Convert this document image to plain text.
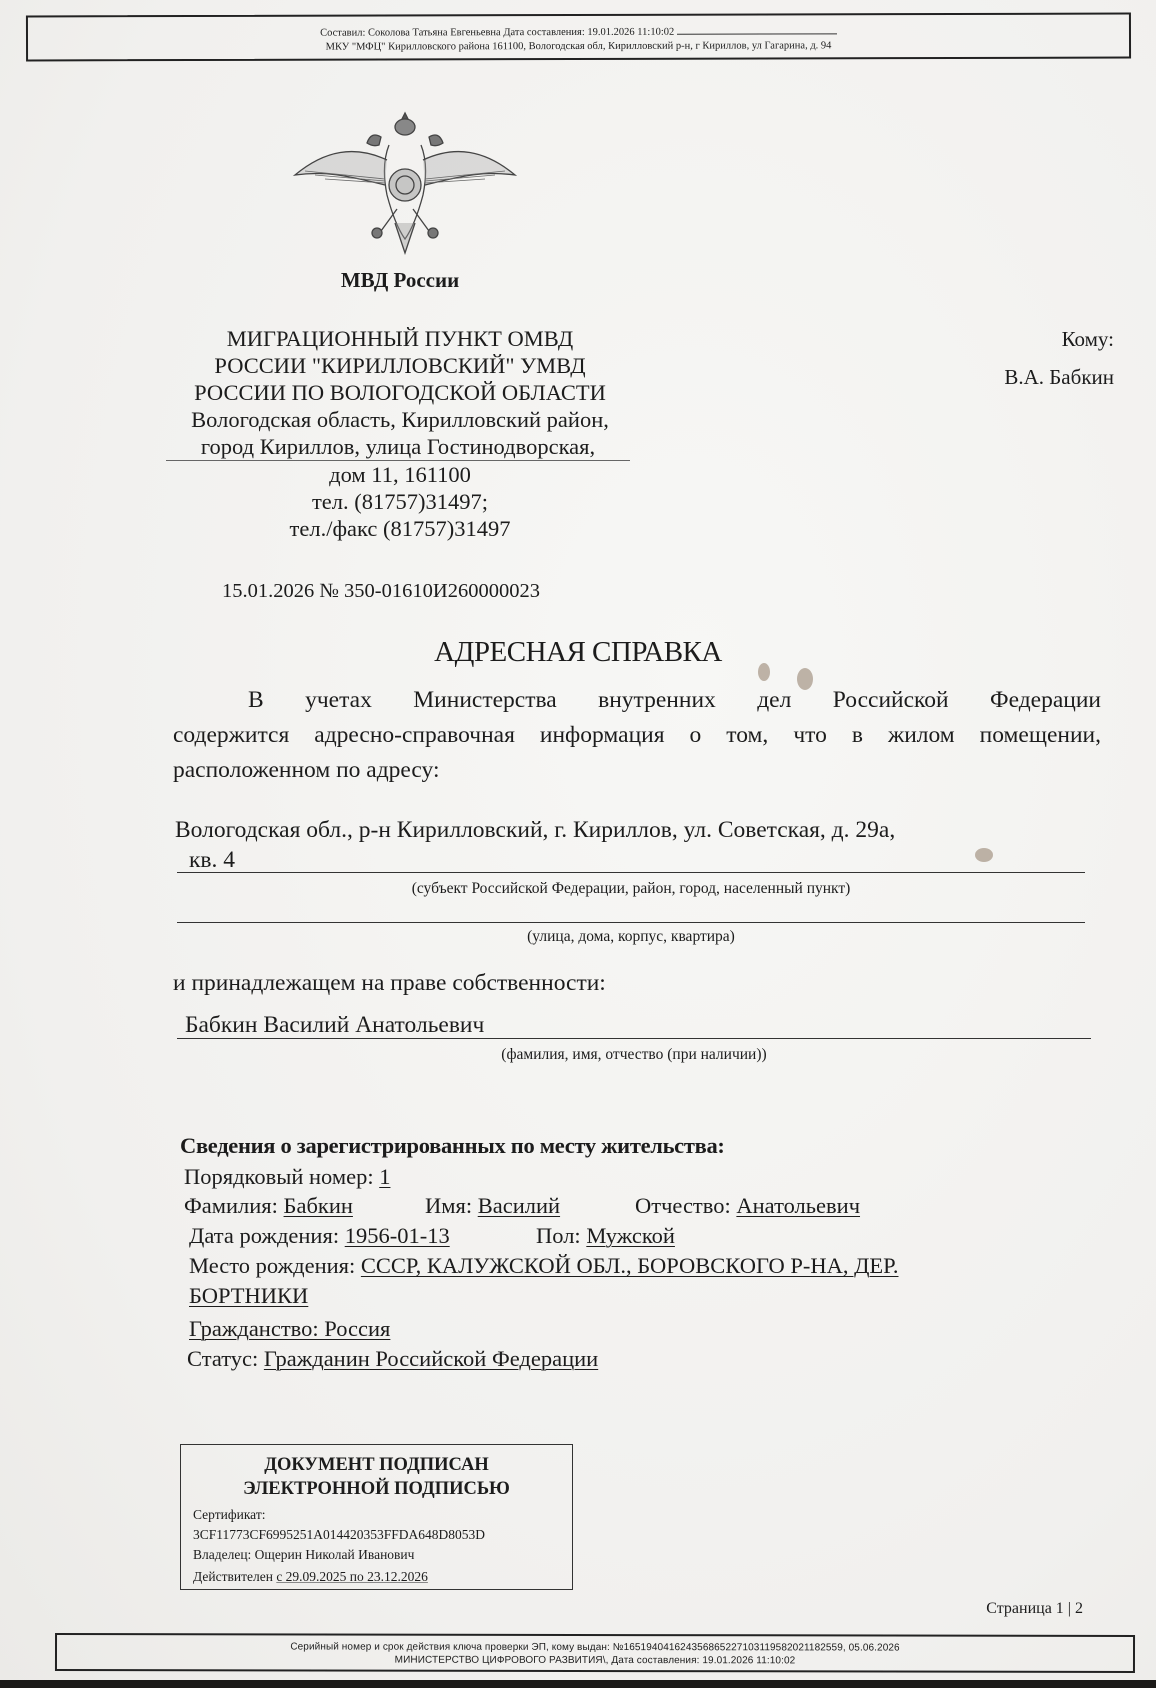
Составил: Соколова Татьяна Евгеньевна Дата составления: 19.01.2026 11:10:02
МКУ "МФЦ" Кирилловского района 161100, Вологодская обл, Кирилловский р-н, г Кириллов, ул Гагарина, д. 94
МВД России
МИГРАЦИОННЫЙ ПУНКТ ОМВД
РОССИИ "КИРИЛЛОВСКИЙ" УМВД
РОССИИ ПО ВОЛОГОДСКОЙ ОБЛАСТИ
Вологодская область, Кирилловский район,
город Кириллов, улица Гостинодворская,
дом 11, 161100
тел. (81757)31497;
тел./факс (81757)31497
Кому:
В.А. Бабкин
15.01.2026 № 350-01610И260000023
АДРЕСНАЯ СПРАВКА
В учетах Министерства внутренних дел Российской Федерации
содержится адресно-справочная информация о том, что в жилом помещении,
расположенном по адресу:
Вологодская обл., р-н Кирилловский, г. Кириллов, ул. Советская, д. 29а,
кв. 4
(субъект Российской Федерации, район, город, населенный пункт)
(улица, дома, корпус, квартира)
и принадлежащем на праве собственности:
Бабкин Василий Анатольевич
(фамилия, имя, отчество (при наличии))
Сведения о зарегистрированных по месту жительства:
Порядковый номер: 1
Фамилия: Бабкин	Имя: Василий	Отчество: Анатольевич
Дата рождения: 1956-01-13	Пол: Мужской
Место рождения: СССР, КАЛУЖСКОЙ ОБЛ., БОРОВСКОГО Р-НА, ДЕР.
БОРТНИКИ
Гражданство: Россия
Статус: Гражданин Российской Федерации
ДОКУМЕНТ ПОДПИСАН
ЭЛЕКТРОННОЙ ПОДПИСЬЮ
Сертификат:
3CF11773CF6995251A014420353FFDA648D8053D
Владелец: Ощерин Николай Иванович
Действителен с 29.09.2025 по 23.12.2026
Страница 1 | 2
Серийный номер и срок действия ключа проверки ЭП, кому выдан: №165194041624356865227103119582021182559, 05.06.2026
МИНИСТЕРСТВО ЦИФРОВОГО РАЗВИТИЯ\, Дата составления: 19.01.2026 11:10:02
